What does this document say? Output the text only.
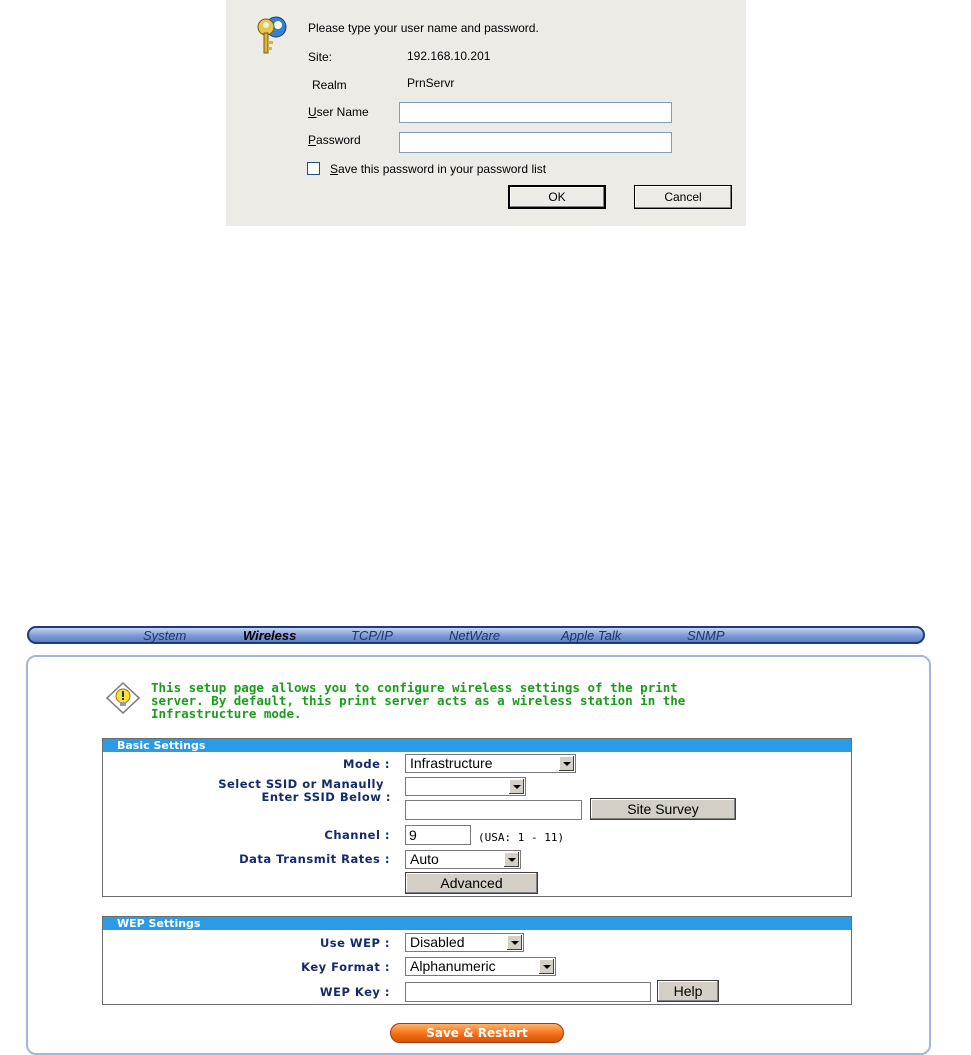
Please type your user name and password.
Site:	192.168.10.201
Realm	PrnServr
User Name
Password
Save this password in your password list
OK	Cancel
System	Wireless	TCP/IP	NetWare	Apple Talk	SNMP
This setup page allows you to configure wireless settings of the print
server. By default, this print server acts as a wireless station in the
Infrastructure mode.
Basic Settings
Mode :	Infrastructure
Select SSID or Manaully
Enter SSID Below :
Site Survey
Channel : 9	(USA: 1 - 11)
Data Transmit Rates :	Auto
Advanced
WEP Settings
Use WEP :	Disabled
Key Format :	Alphanumeric
WEP Key :	Help
Save & Restart
